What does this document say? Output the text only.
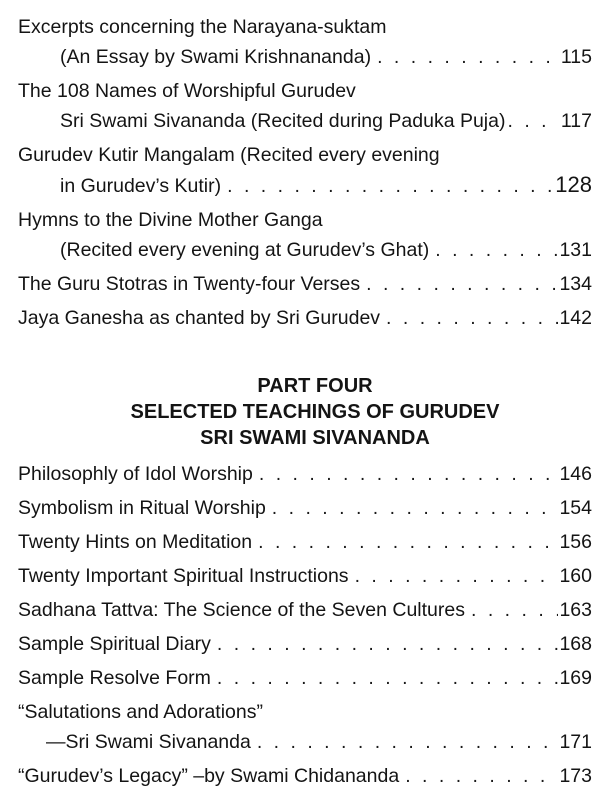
Excerpts concerning the Narayana-suktam
(An Essay by Swami Krishnananda) . . .	115
The 108 Names of Worshipful Gurudev
Sri Swami Sivananda (Recited during Paduka Puja) . . .	117
Gurudev Kutir Mangalam (Recited every evening
in Gurudev’s Kutir) . . .	128
Hymns to the Divine Mother Ganga
(Recited every evening at Gurudev’s Ghat) . . .	131
The Guru Stotras in Twenty-four Verses . . .	134
Jaya Ganesha as chanted by Sri Gurudev . . .	142
PART FOUR
SELECTED TEACHINGS OF GURUDEV
SRI SWAMI SIVANANDA
Philosophly of Idol Worship . . .	146
Symbolism in Ritual Worship . . .	154
Twenty Hints on Meditation . . .	156
Twenty Important Spiritual Instructions . . .	160
Sadhana Tattva: The Science of the Seven Cultures . . .	163
Sample Spiritual Diary . . .	168
Sample Resolve Form . . .	169
“Salutations and Adorations”
—Sri Swami Sivananda . . .	171
“Gurudev’s Legacy” –by Swami Chidananda . . .	173
